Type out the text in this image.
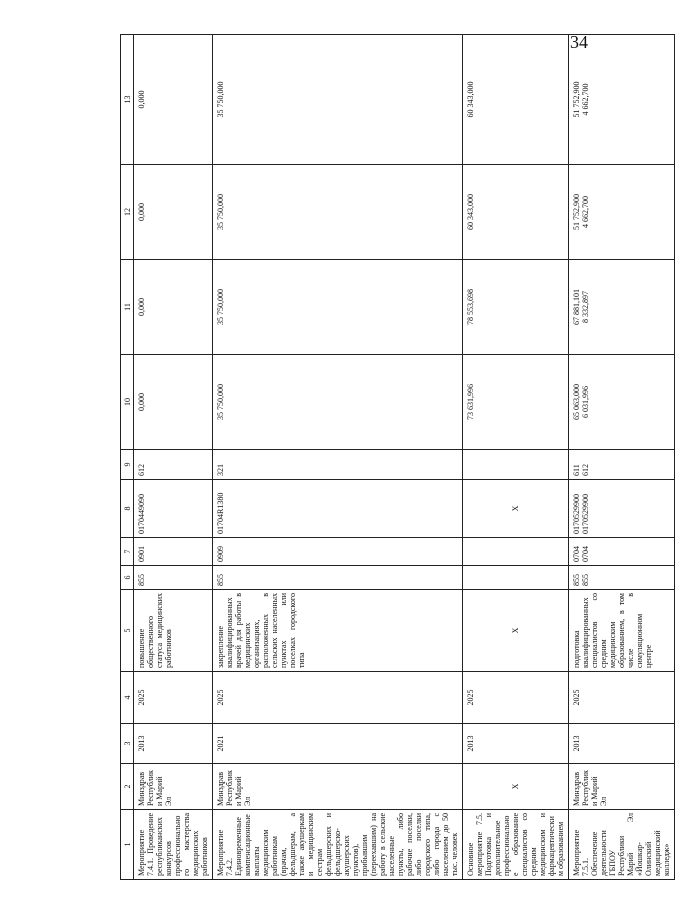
34
1	2	3	4	5	6	7	8	9	10	11	12	13
Мероприятие 7.4.1. Проведение республиканских конкурсов профессионального мастерства медицинских работников	Минздрав Республики Марий Эл	2013	2025	повышение общественного статуса медицинских работников	855	0901	0170449090	612	0,000	0,000	0,000	0,000
Мероприятие 7.4.2. Единовременные компенсационные выплаты медицинским работникам (врачам, фельдшерам, а также акушеркам и медицинским сестрам фельдшерских и фельдшерско-акушерских пунктов), прибывшим (переехавшим) на работу в сельские населенные пункты, либо рабочие поселки, либо поселки городского типа, либо города с населением до 50 тыс. человек	Минздрав Республики Марий Эл	2021	2025	закрепление квалифицированных врачей для работы в медицинских организациях, расположенных в сельских населенных пунктах или поселках городского типа	855	0909	01704R1380	321	35 750,000	35 750,000	35 750,000	35 750,000
Основное мероприятие 7.5. Подготовка и дополнительное профессиональное образование специалистов со средним медицинским и фармацевтическим образованием	X	2013	2025	X			X		73 631,996	78 553,698	60 343,000	60 343,000
Мероприятие 7.5.1. Обеспечение деятельности ГБПОУ Республики Марий Эл «Йошкар-Олинский медицинский колледж»	Минздрав Республики Марий Эл	2013	2025	подготовка квалифицированных специалистов со средним медицинским образованием, в том числе в симуляционном центре	855 855	0704 0704	0170529900 0170529900	611 612	65 063,000 6 031,996	67 881,101 8 332,897	51 752,900 4 662,700	51 752,900 4 662,700
